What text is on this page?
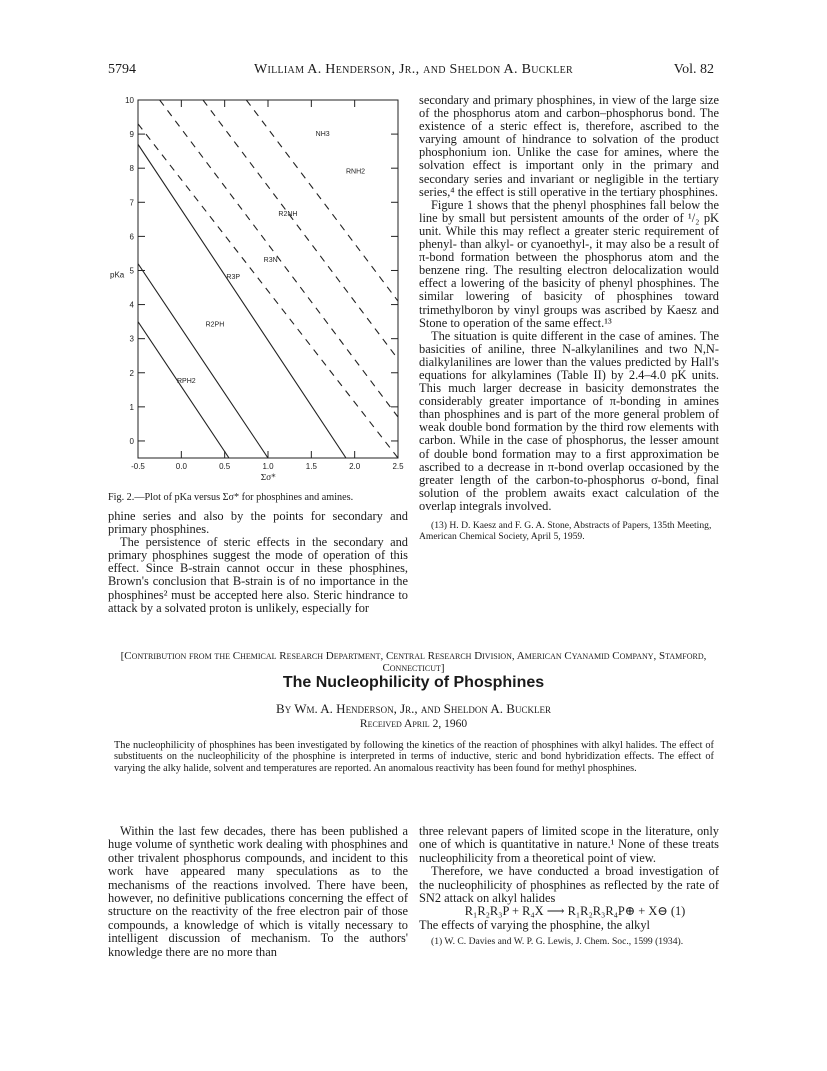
5794	William A. Henderson, Jr., and Sheldon A. Buckler	Vol. 82
0
1
2
3
4
5
6
7
8
9
10
-0.5	0.0	0.5	1.0	1.5	2.0	2.5
Σσ*
pKa
NH3
RNH2
R2NH
R3N
R3P
R2PH
RPH2
Fig. 2.—Plot of pKa versus Σσ* for phosphines and amines.

phine series and also by the points for secondary and primary phosphines.

The persistence of steric effects in the secondary and primary phosphines suggest the mode of operation of this effect. Since B-strain cannot occur in these phosphines, Brown's conclusion that B-strain is of no importance in the phosphines² must be accepted here also. Steric hindrance to attack by a solvated proton is unlikely, especially for

secondary and primary phosphines, in view of the large size of the phosphorus atom and carbon–phosphorus bond. The existence of a steric effect is, therefore, ascribed to the varying amount of hindrance to solvation of the product phosphonium ion. Unlike the case for amines, where the solvation effect is important only in the primary and secondary series and invariant or negligible in the tertiary series,⁴ the effect is still operative in the tertiary phosphines.

Figure 1 shows that the phenyl phosphines fall below the line by small but persistent amounts of the order of ¹/₂ pK unit. While this may reflect a greater steric requirement of phenyl- than alkyl- or cyanoethyl-, it may also be a result of π-bond formation between the phosphorus atom and the benzene ring. The resulting electron delocalization would effect a lowering of the basicity of phenyl phosphines. The similar lowering of basicity of phosphines toward trimethylboron by vinyl groups was ascribed by Kaesz and Stone to operation of the same effect.¹³

The situation is quite different in the case of amines. The basicities of aniline, three N-alkylanilines and two N,N-dialkylanilines are lower than the values predicted by Hall's equations for alkylamines (Table II) by 2.4–4.0 pK units. This much larger decrease in basicity demonstrates the considerably greater importance of π-bonding in amines than phosphines and is part of the more general problem of weak double bond formation by the third row elements with carbon. While in the case of phosphorus, the lesser amount of double bond formation may to a first approximation be ascribed to a decrease in π-bond overlap occasioned by the greater length of the carbon-to-phosphorus σ-bond, final solution of the problem awaits exact calculation of the overlap integrals involved.

(13) H. D. Kaesz and F. G. A. Stone, Abstracts of Papers, 135th Meeting, American Chemical Society, April 5, 1959.

[Contribution from the Chemical Research Department, Central Research Division, American Cyanamid Company, Stamford, Connecticut]
The Nucleophilicity of Phosphines
By Wm. A. Henderson, Jr., and Sheldon A. Buckler
Received April 2, 1960
The nucleophilicity of phosphines has been investigated by following the kinetics of the reaction of phosphines with alkyl halides. The effect of substituents on the nucleophilicity of the phosphine is interpreted in terms of inductive, steric and bond hybridization effects. The effect of varying the alky halide, solvent and temperatures are reported. An anomalous reactivity has been found for methyl phosphines.

Within the last few decades, there has been published a huge volume of synthetic work dealing with phosphines and other trivalent phosphorus compounds, and incident to this work have appeared many speculations as to the mechanisms of the reactions involved. There have been, however, no definitive publications concerning the effect of structure on the reactivity of the free electron pair of those compounds, a knowledge of which is vitally necessary to intelligent discussion of mechanism. To the authors' knowledge there are no more than

three relevant papers of limited scope in the literature, only one of which is quantitative in nature.¹ None of these treats nucleophilicity from a theoretical point of view.

Therefore, we have conducted a broad investigation of the nucleophilicity of phosphines as reflected by the rate of SN2 attack on alkyl halides

R₁R₂R₃P + R₄X ⟶ R₁R₂R₃R₄P⊕ + X⊖ (1)

The effects of varying the phosphine, the alkyl

(1) W. C. Davies and W. P. G. Lewis, J. Chem. Soc., 1599 (1934).
